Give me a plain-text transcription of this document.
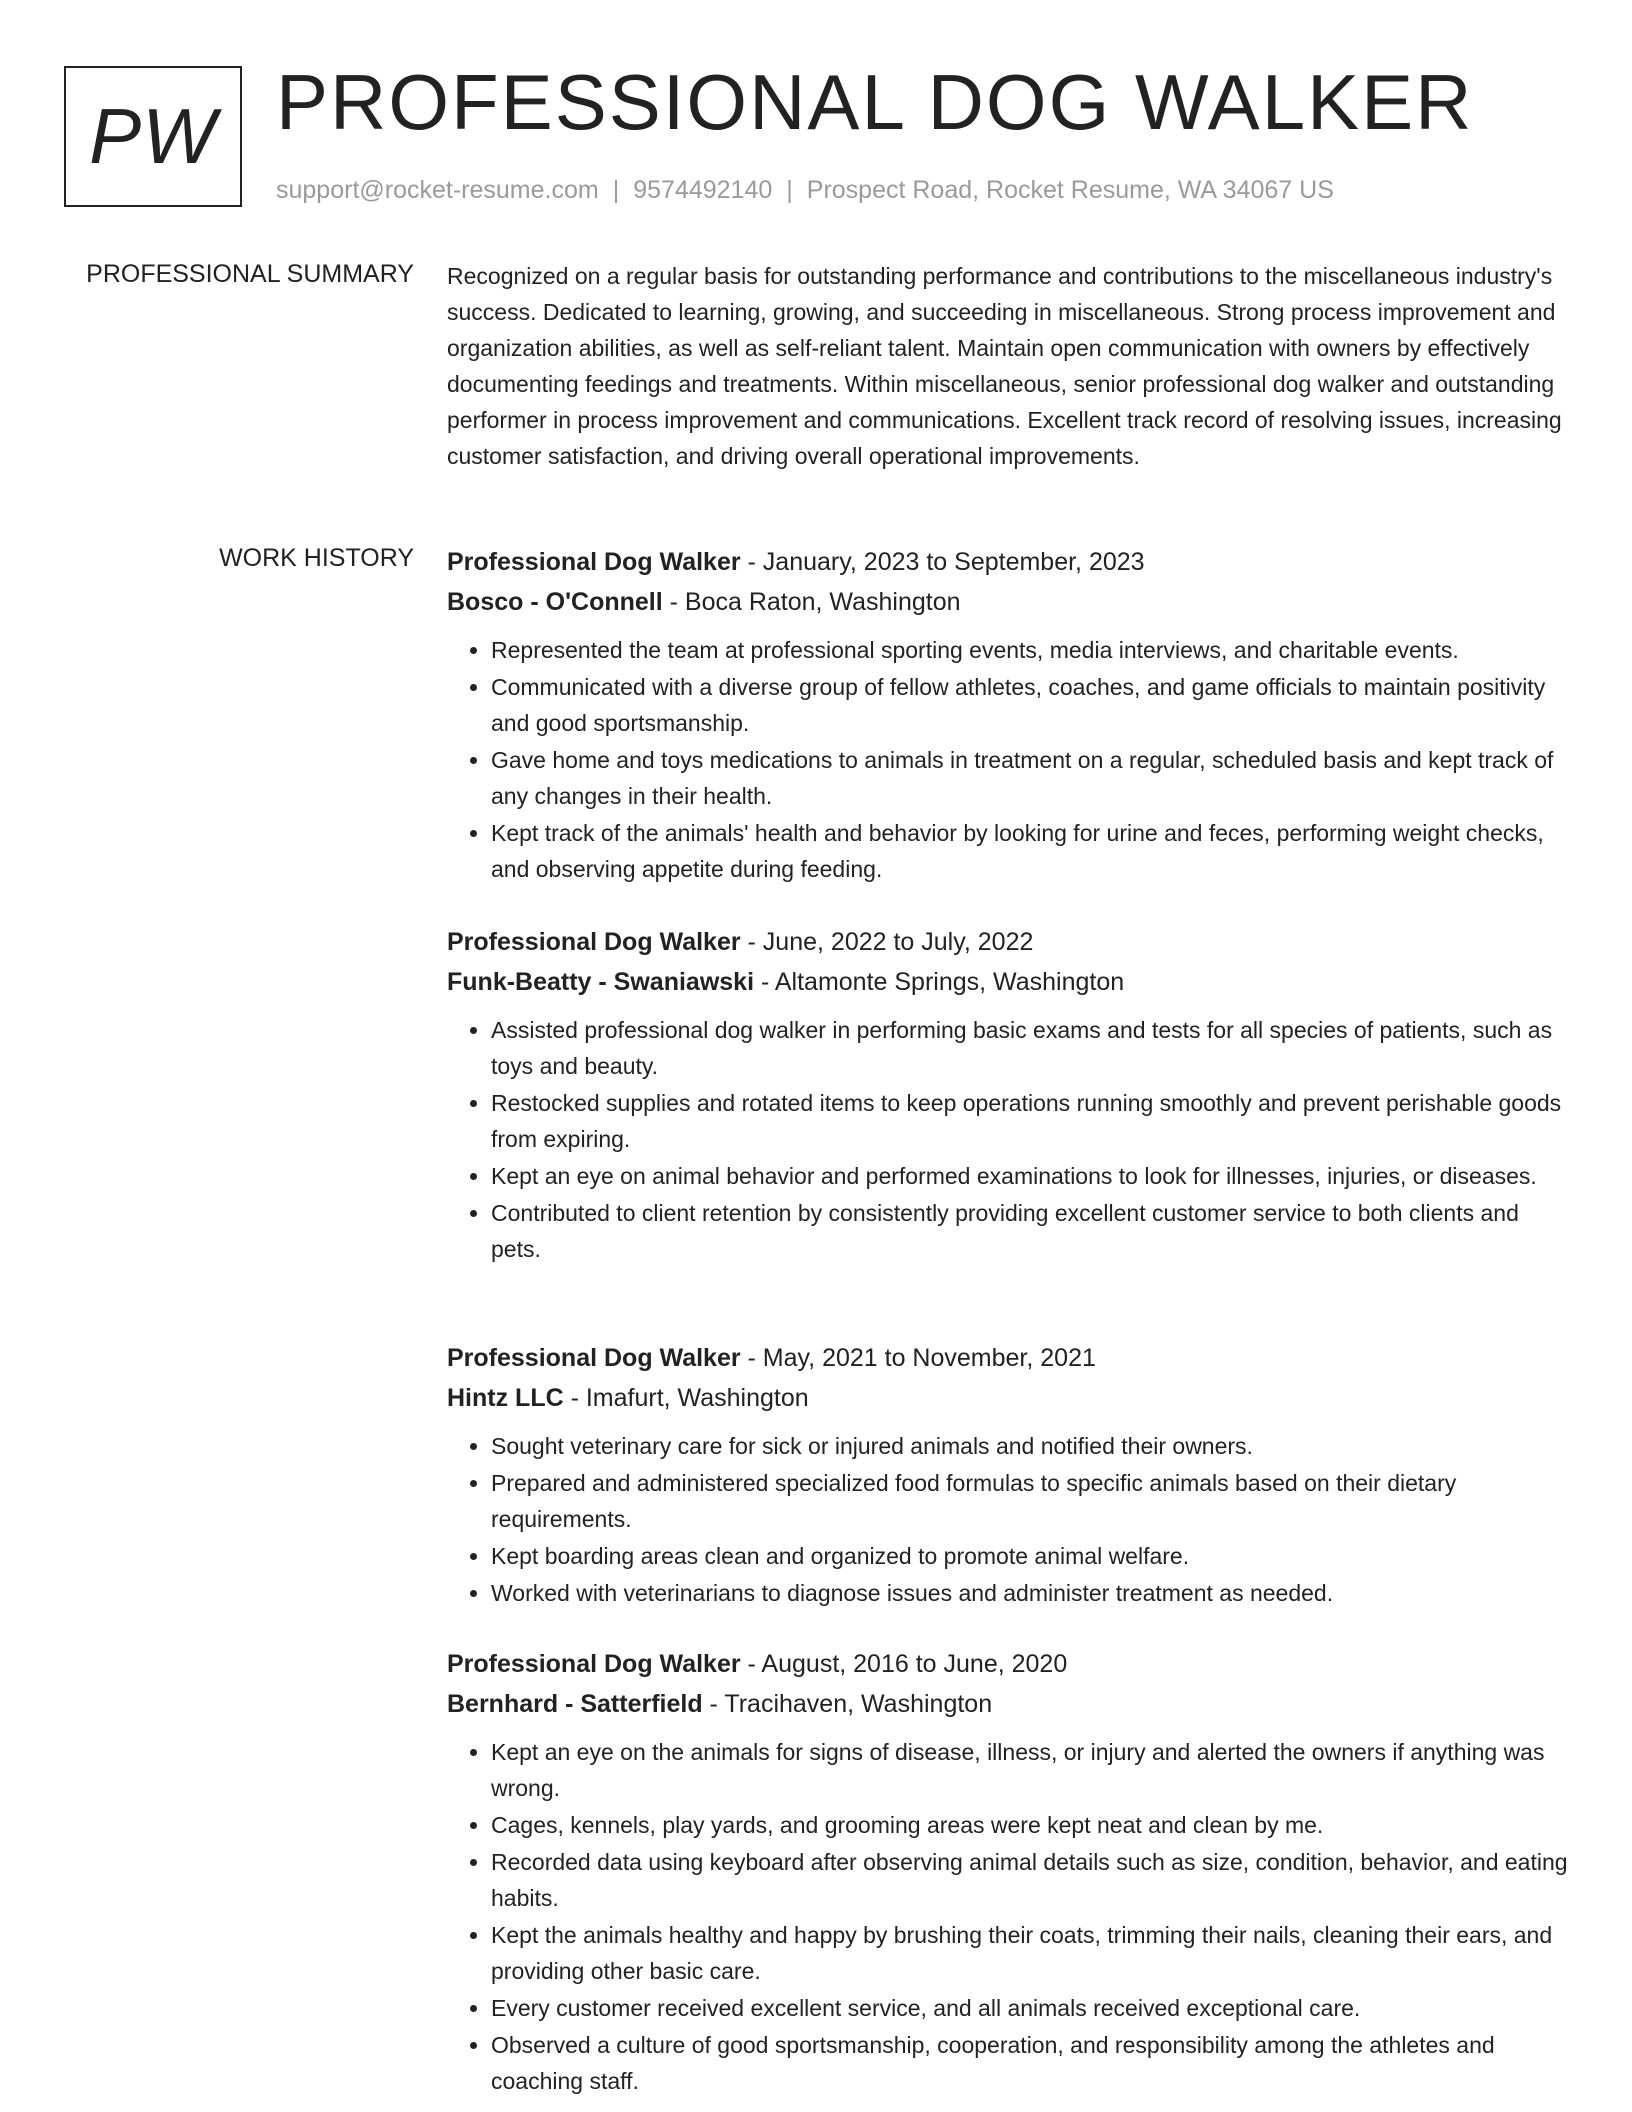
PW PROFESSIONAL DOG WALKER
support@rocket-resume.com | 9574492140 | Prospect Road, Rocket Resume, WA 34067 US
PROFESSIONAL SUMMARY Recognized on a regular basis for outstanding performance and contributions to the miscellaneous industry's success. Dedicated to learning, growing, and succeeding in miscellaneous. Strong process improvement and organization abilities, as well as self-reliant talent. Maintain open communication with owners by effectively documenting feedings and treatments. Within miscellaneous, senior professional dog walker and outstanding performer in process improvement and communications. Excellent track record of resolving issues, increasing customer satisfaction, and driving overall operational improvements.

WORK HISTORY Professional Dog Walker - January, 2023 to September, 2023
Bosco - O'Connell - Boca Raton, Washington
• Represented the team at professional sporting events, media interviews, and charitable events.
• Communicated with a diverse group of fellow athletes, coaches, and game officials to maintain positivity and good sportsmanship.
• Gave home and toys medications to animals in treatment on a regular, scheduled basis and kept track of any changes in their health.
• Kept track of the animals' health and behavior by looking for urine and feces, performing weight checks, and observing appetite during feeding.
Professional Dog Walker - June, 2022 to July, 2022
Funk-Beatty - Swaniawski - Altamonte Springs, Washington
• Assisted professional dog walker in performing basic exams and tests for all species of patients, such as toys and beauty.
• Restocked supplies and rotated items to keep operations running smoothly and prevent perishable goods from expiring.
• Kept an eye on animal behavior and performed examinations to look for illnesses, injuries, or diseases.
• Contributed to client retention by consistently providing excellent customer service to both clients and pets.
Professional Dog Walker - May, 2021 to November, 2021
Hintz LLC - Imafurt, Washington
• Sought veterinary care for sick or injured animals and notified their owners.
• Prepared and administered specialized food formulas to specific animals based on their dietary requirements.
• Kept boarding areas clean and organized to promote animal welfare.
• Worked with veterinarians to diagnose issues and administer treatment as needed.
Professional Dog Walker - August, 2016 to June, 2020
Bernhard - Satterfield - Tracihaven, Washington
• Kept an eye on the animals for signs of disease, illness, or injury and alerted the owners if anything was wrong.
• Cages, kennels, play yards, and grooming areas were kept neat and clean by me.
• Recorded data using keyboard after observing animal details such as size, condition, behavior, and eating habits.
• Kept the animals healthy and happy by brushing their coats, trimming their nails, cleaning their ears, and providing other basic care.
• Every customer received excellent service, and all animals received exceptional care.
• Observed a culture of good sportsmanship, cooperation, and responsibility among the athletes and coaching staff.
